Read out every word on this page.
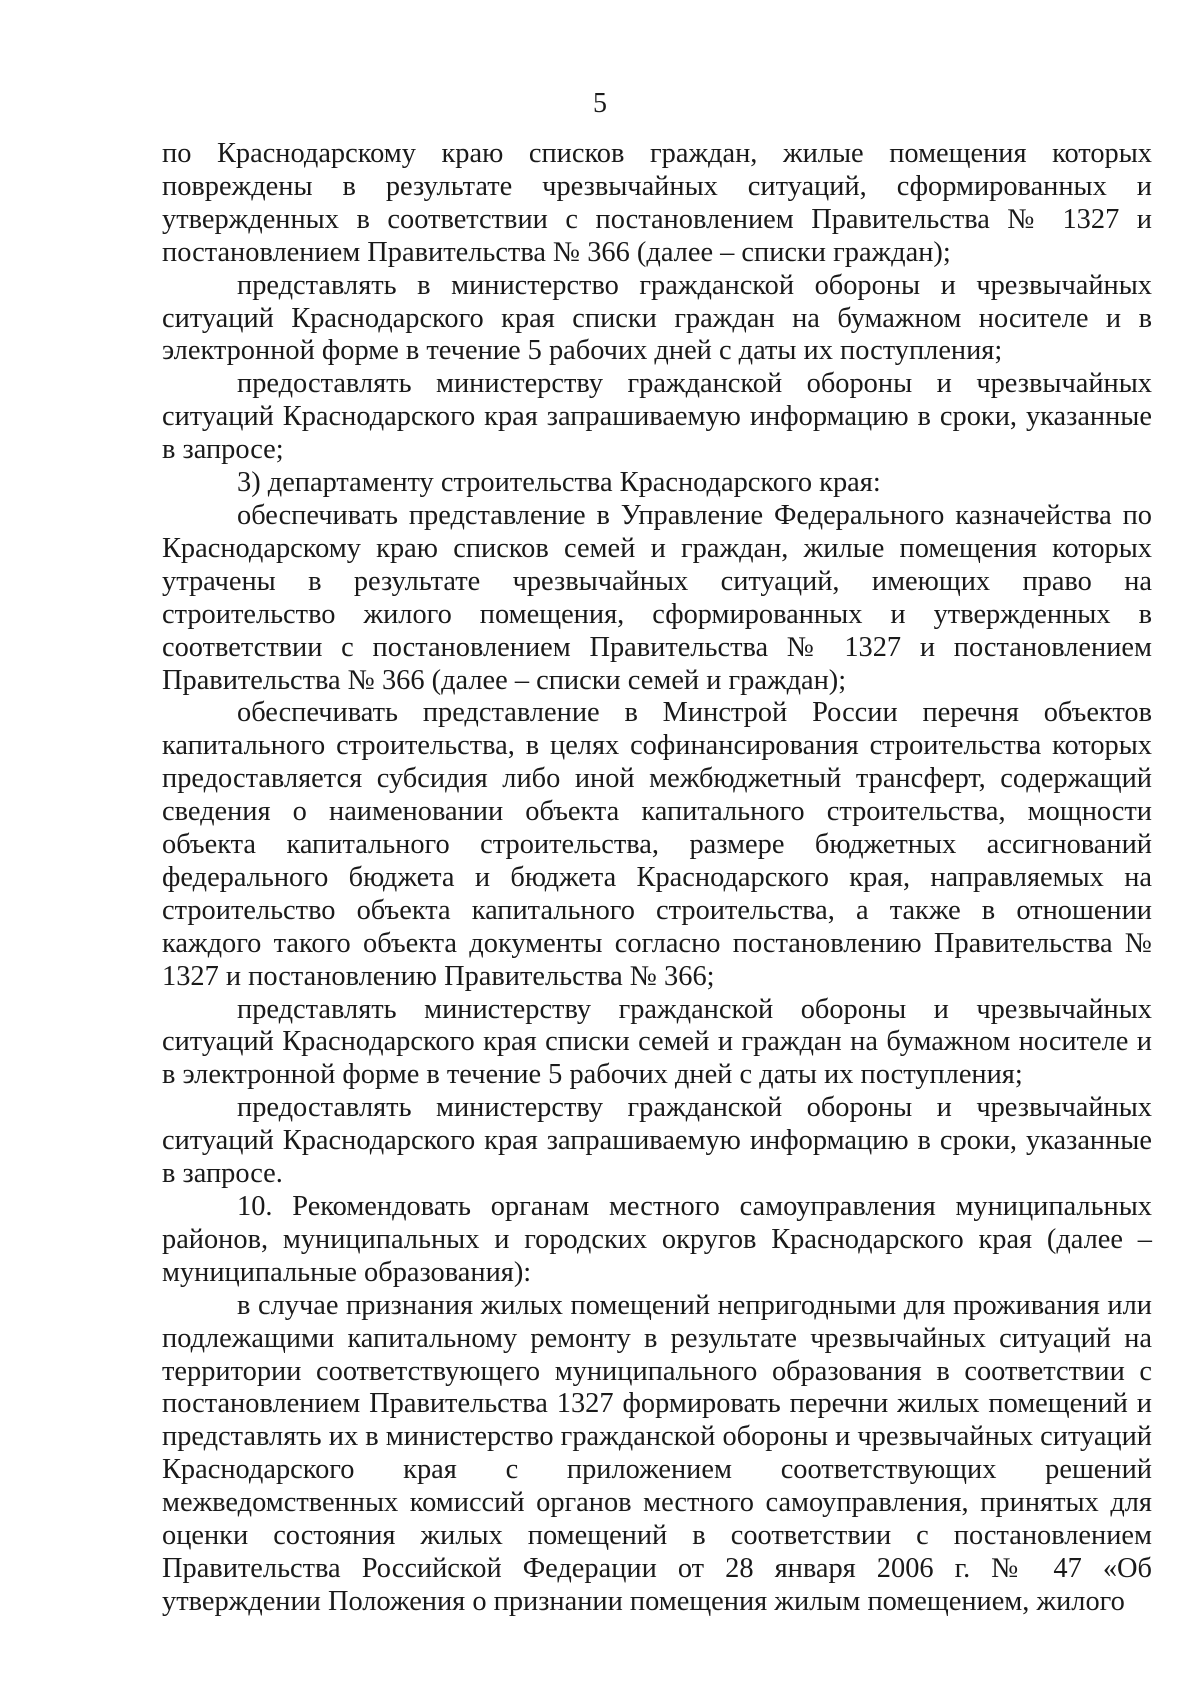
5

по Краснодарскому краю списков граждан, жилые помещения которых повреждены в результате чрезвычайных ситуаций, сформированных и утвержденных в соответствии с постановлением Правительства № 1327 и постановлением Правительства № 366 (далее – списки граждан);

представлять в министерство гражданской обороны и чрезвычайных ситуаций Краснодарского края списки граждан на бумажном носителе и в электронной форме в течение 5 рабочих дней с даты их поступления;

предоставлять министерству гражданской обороны и чрезвычайных ситуаций Краснодарского края запрашиваемую информацию в сроки, указанные в запросе;

3) департаменту строительства Краснодарского края:

обеспечивать представление в Управление Федерального казначейства по Краснодарскому краю списков семей и граждан, жилые помещения которых утрачены в результате чрезвычайных ситуаций, имеющих право на строительство жилого помещения, сформированных и утвержденных в соответствии с постановлением Правительства № 1327 и постановлением Правительства № 366 (далее – списки семей и граждан);

обеспечивать представление в Минстрой России перечня объектов капитального строительства, в целях софинансирования строительства которых предоставляется субсидия либо иной межбюджетный трансферт, содержащий сведения о наименовании объекта капитального строительства, мощности объекта капитального строительства, размере бюджетных ассигнований федерального бюджета и бюджета Краснодарского края, направляемых на строительство объекта капитального строительства, а также в отношении каждого такого объекта документы согласно постановлению Правительства № 1327 и постановлению Правительства № 366;

представлять министерству гражданской обороны и чрезвычайных ситуаций Краснодарского края списки семей и граждан на бумажном носителе и в электронной форме в течение 5 рабочих дней с даты их поступления;

предоставлять министерству гражданской обороны и чрезвычайных ситуаций Краснодарского края запрашиваемую информацию в сроки, указанные в запросе.

10. Рекомендовать органам местного самоуправления муниципальных районов, муниципальных и городских округов Краснодарского края (далее – муниципальные образования):

в случае признания жилых помещений непригодными для проживания или подлежащими капитальному ремонту в результате чрезвычайных ситуаций на территории соответствующего муниципального образования в соответствии с постановлением Правительства 1327 формировать перечни жилых помещений и представлять их в министерство гражданской обороны и чрезвычайных ситуаций Краснодарского края с приложением соответствующих решений межведомственных комиссий органов местного самоуправления, принятых для оценки состояния жилых помещений в соответствии с постановлением Правительства Российской Федерации от 28 января 2006 г. № 47 «Об утверждении Положения о признании помещения жилым помещением, жилого
